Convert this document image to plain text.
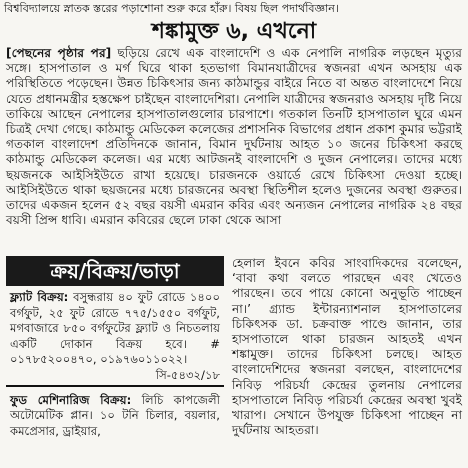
বিশ্ববিদ্যালয়ে স্নাতক স্তরের পড়াশোনা শুরু করে হাঁরু। বিষয় ছিল পদার্থবিজ্ঞান।
শঙ্কামুক্ত ৬, এখনো

[পেছনের পৃষ্ঠার পর] ছড়িয়ে রেখে এক বাংলাদেশি ও এক নেপালি নাগরিক লড়ছেন মৃত্যুর সঙ্গে। হাসপাতাল ও মর্গ ঘিরে থাকা হতভাগা বিমানযাত্রীদের স্বজনরা এখন অসহায় এক পরিস্থিতিতে পড়েছেন। উন্নত চিকিৎসার জন্য কাঠমান্ডুর বাইরে নিতে বা অন্তত বাংলাদেশে নিয়ে যেতে প্রধানমন্ত্রীর হস্তক্ষেপ চাইছেন বাংলাদেশিরা। নেপালি যাত্রীদের স্বজনরাও অসহায় দৃষ্টি নিয়ে তাকিয়ে আছেন নেপালের হাসপাতালগুলোর চারপাশে। গতকাল তিনটি হাসপাতাল ঘুরে এমন চিত্রই দেখা গেছে। কাঠমান্ডু মেডিকেল কলেজের প্রশাসনিক বিভাগের প্রধান প্রকাশ কুমার ভট্টরাই গতকাল বাংলাদেশ প্রতিদিনকে জানান, বিমান দুর্ঘটনায় আহত ১০ জনের চিকিৎসা করছে কাঠমান্ডু মেডিকেল কলেজ। এর মধ্যে আটজনই বাংলাদেশি ও দুজন নেপালের। তাদের মধ্যে ছয়জনকে আইসিইউতে রাখা হয়েছে। চারজনকে ওয়ার্ডে রেখে চিকিৎসা দেওয়া হচ্ছে। আইসিইউতে থাকা ছয়জনের মধ্যে চারজনের অবস্থা স্থিতিশীল হলেও দুজনের অবস্থা গুরুতর। তাদের একজন হলেন ৫২ বছর বয়সী এমরান কবির এবং অন্যজন নেপালের নাগরিক ২৪ বছর বয়সী প্রিন্স ধাবি। এমরান কবিরের ছেলে ঢাকা থেকে আসা

ক্রয়/বিক্রয়/ভাড়া
ফ্ল্যাট বিক্রয়: বসুন্ধরায় ৪০ ফুট রোডে ১৪০০ বর্গফুট, ২৫ ফুট রোডে ৭৭৫/১৫৫০ বর্গফুট, মগবাজারে ৮৫০ বর্গফুটের ফ্ল্যাট ও নিচতলায় একটি দোকান বিক্রয় হবে। # ০১৭৮৫২০০৪৭০, ০১৯৭৬০১১০২২।
সি-৫৪৩২/১৮
ফুড মেশিনারিজ বিক্রয়: লিচি কাপজেলী অটোমেটিক প্লান। ১০ টনি চিলার, বয়লার, কমপ্রেসার, ড্রাইয়ার,
হেলাল ইবনে কবির সাংবাদিকদের বলেছেন, ‘বাবা কথা বলতে পারছেন এবং খেতেও পারছেন। তবে পায়ে কোনো অনুভূতি পাচ্ছেন না।’ গ্র্যান্ড ইন্টারন্যাশনাল হাসপাতালের চিকিৎসক ডা. চক্রবাক্ত পাণ্ডে জানান, তার হাসপাতালে থাকা চারজন আহতই এখন শঙ্কামুক্ত। তাদের চিকিৎসা চলছে। আহত বাংলাদেশিদের স্বজনরা বলছেন, বাংলাদেশের নিবিড় পরিচর্যা কেন্দ্রের তুলনায় নেপালের হাসপাতালে নিবিড় পরিচর্যা কেন্দ্রের অবস্থা খুবই খারাপ। সেখানে উপযুক্ত চিকিৎসা পাচ্ছেন না দুর্ঘটনায় আহতরা।
